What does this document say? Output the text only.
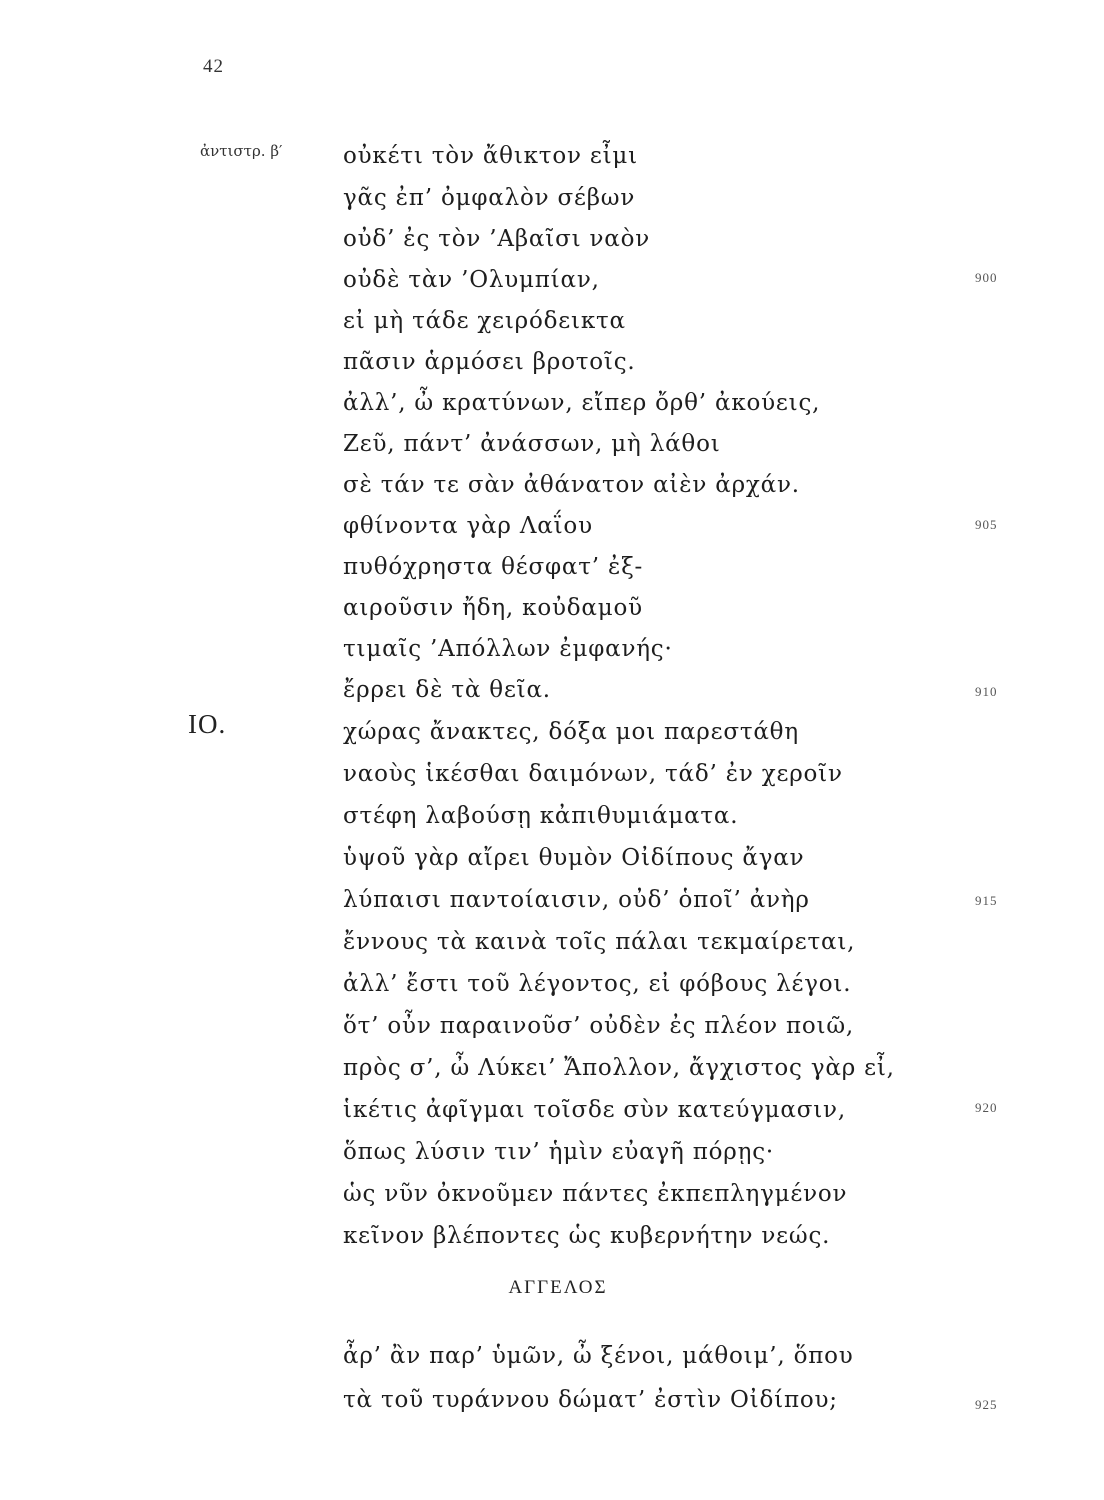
42
ἀντιστρ. β′
IO.
οὐκέτι τὸν ἄθικτον εἶμι
γᾶς ἐπ’ ὀμφαλὸν σέβων
οὐδ’ ἐς τὸν ’Αβαῖσι ναὸν
οὐδὲ τὰν ’Ολυμπίαν,
εἰ μὴ τάδε χειρόδεικτα
πᾶσιν ἁρμόσει βροτοῖς.
ἀλλ’, ὦ κρατύνων, εἴπερ ὄρθ’ ἀκούεις,
Ζεῦ, πάντ’ ἀνάσσων, μὴ λάθοι
σὲ τάν τε σὰν ἀθάνατον αἰὲν ἀρχάν.
φθίνοντα γὰρ Λαΐου
πυθόχρηστα θέσφατ’ ἐξ-
αιροῦσιν ἤδη, κοὐδαμοῦ
τιμαῖς ’Απόλλων ἐμφανής·
ἔρρει δὲ τὰ θεῖα.
χώρας ἄνακτες, δόξα μοι παρεστάθη
ναοὺς ἱκέσθαι δαιμόνων, τάδ’ ἐν χεροῖν
στέφη λαβούσῃ κἀπιθυμιάματα.
ὑψοῦ γὰρ αἴρει θυμὸν Οἰδίπους ἄγαν
λύπαισι παντοίαισιν, οὐδ’ ὁποῖ’ ἀνὴρ
ἔννους τὰ καινὰ τοῖς πάλαι τεκμαίρεται,
ἀλλ’ ἔστι τοῦ λέγοντος, εἰ φόβους λέγοι.
ὅτ’ οὖν παραινοῦσ’ οὐδὲν ἐς πλέον ποιῶ,
πρὸς σ’, ὦ Λύκει’ Ἄπολλον, ἄγχιστος γὰρ εἶ,
ἱκέτις ἀφῖγμαι τοῖσδε σὺν κατεύγμασιν,
ὅπως λύσιν τιν’ ἡμὶν εὐαγῆ πόρῃς·
ὡς νῦν ὀκνοῦμεν πάντες ἐκπεπληγμένον
κεῖνον βλέποντες ὡς κυβερνήτην νεώς.
ΑΓΓΕΛΟΣ
ἆρ’ ἂν παρ’ ὑμῶν, ὦ ξένοι, μάθοιμ’, ὅπου
τὰ τοῦ τυράννου δώματ’ ἐστὶν Οἰδίπου;
900
905
910
915
920
925
